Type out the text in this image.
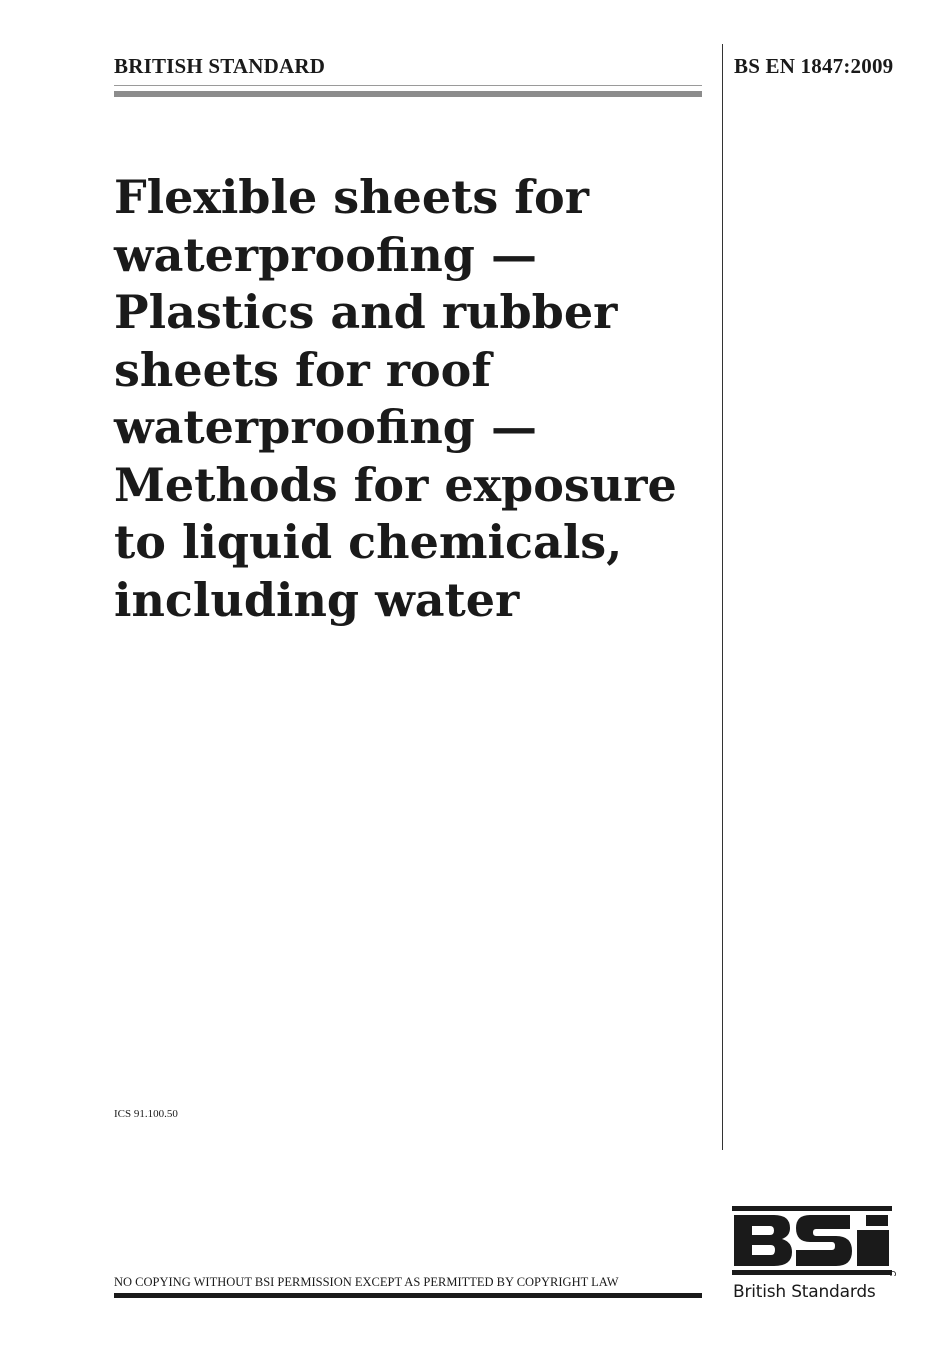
BRITISH STANDARD	BS EN 1847:2009
Flexible sheets for
waterproofing —
Plastics and rubber
sheets for roof
waterproofing —
Methods for exposure
to liquid chemicals,
including water
ICS 91.100.50
NO COPYING WITHOUT BSI PERMISSION EXCEPT AS PERMITTED BY COPYRIGHT LAW	British Standards
